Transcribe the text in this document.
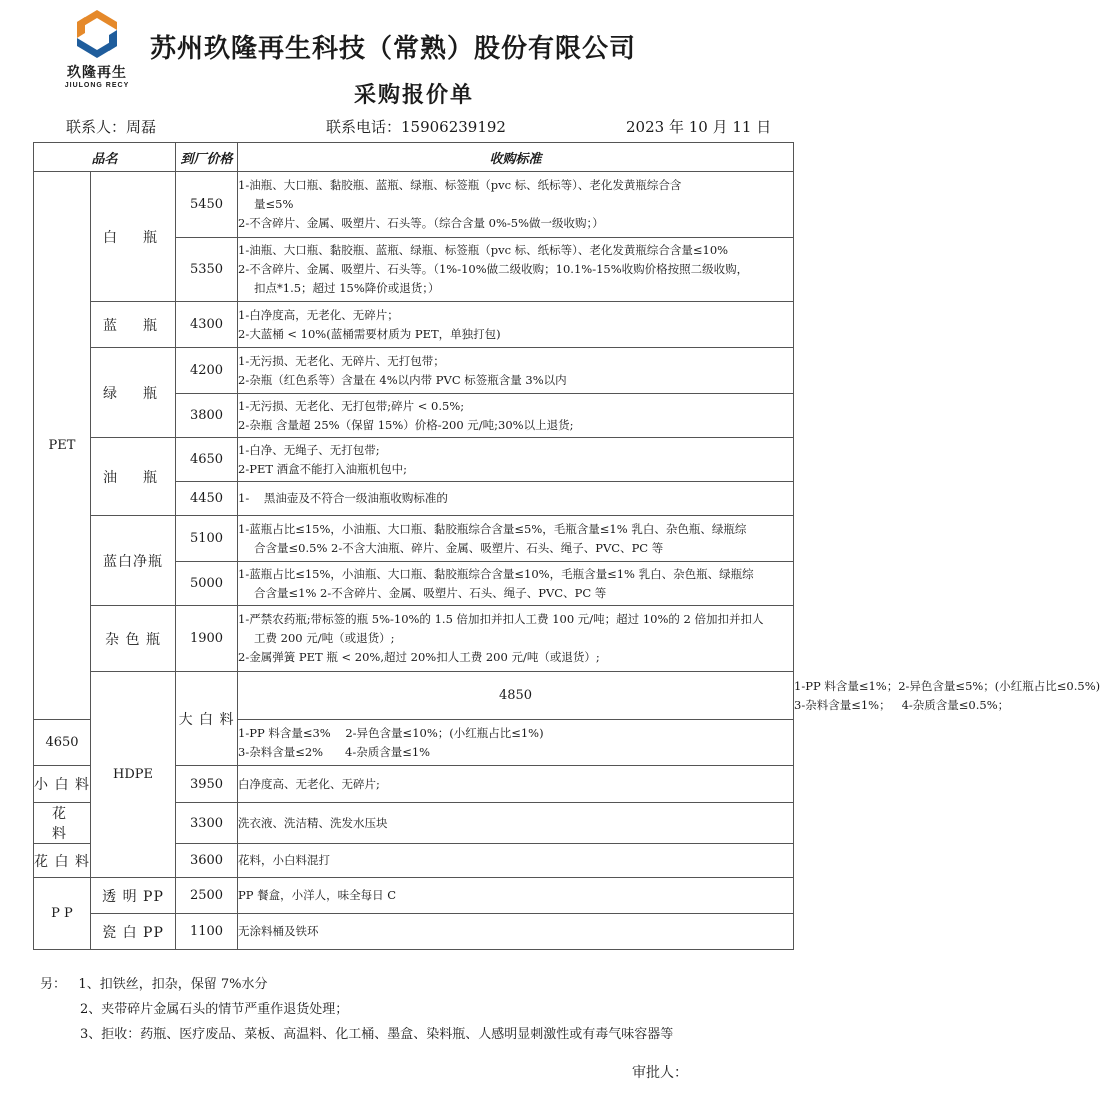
玖隆再生
JIULONG RECY
苏州玖隆再生科技（常熟）股份有限公司
采购报价单
联系人：周磊	联系电话：15906239192	2023 年 10 月 11 日
品名		到厂价格	收购标准	
PET	白　瓶	5450	1-油瓶、大口瓶、黏胶瓶、蓝瓶、绿瓶、标签瓶（pvc 标、纸标等）、老化发黄瓶综合含
量≤5%
2-不含碎片、金属、吸塑片、石头等。（综合含量 0%-5%做一级收购；）	

		5350	1-油瓶、大口瓶、黏胶瓶、蓝瓶、绿瓶、标签瓶（pvc 标、纸标等）、老化发黄瓶综合含量≤10%
2-不含碎片、金属、吸塑片、石头等。（1%-10%做二级收购；10.1%-15%收购价格按照二级收购，
扣点*1.5；超过 15%降价或退货；）	

	蓝　瓶	4300	1-白净度高，无老化、无碎片；
2-大蓝桶 < 10%(蓝桶需要材质为 PET，单独打包)	

	绿　瓶	4200	1-无污损、无老化、无碎片、无打包带；
2-杂瓶（红色系等）含量在 4%以内带 PVC 标签瓶含量 3%以内	

		3800	1-无污损、无老化、无打包带;碎片 < 0.5%;
2-杂瓶 含量超 25%（保留 15%）价格-200 元/吨;30%以上退货;	

	油　瓶	4650	1-白净、无绳子、无打包带;
2-PET 酒盒不能打入油瓶机包中;	

		4450	1-    黑油壶及不符合一级油瓶收购标准的	

	蓝白净瓶	5100	1-蓝瓶占比≤15%，小油瓶、大口瓶、黏胶瓶综合含量≤5%，毛瓶含量≤1% 乳白、杂色瓶、绿瓶综
合含量≤0.5% 2-不含大油瓶、碎片、金属、吸塑片、石头、绳子、PVC、PC 等	

		5000	1-蓝瓶占比≤15%，小油瓶、大口瓶、黏胶瓶综合含量≤10%，毛瓶含量≤1% 乳白、杂色瓶、绿瓶综
合含量≤1% 2-不含碎片、金属、吸塑片、石头、绳子、PVC、PC 等	

	杂 色 瓶	1900	1-严禁农药瓶;带标签的瓶 5%-10%的 1.5 倍加扣并扣人工费 100 元/吨；超过 10%的 2 倍加扣并扣人
工费 200 元/吨（或退货）;
2-金属弹簧 PET 瓶 < 20%,超过 20%扣人工费 200 元/吨（或退货）;	

	HDPE	大 白 料	4850	1-PP 料含量≤1%；2-异色含量≤5%；(小红瓶占比≤0.5%)
3-杂料含量≤1%；   4-杂质含量≤0.5%；

4650			1-PP 料含量≤3%    2-异色含量≤10%；(小红瓶占比≤1%)
3-杂料含量≤2%      4-杂质含量≤1%	

小 白 料		3950	白净度高、无老化、无碎片;	
花　料		3300	洗衣液、洗洁精、洗发水压块	
花 白 料		3600	花料，小白料混打	
P P	透 明 PP	2500	PP 餐盒，小洋人，味全每日 C	
	瓷 白 PP	1100	无涂料桶及铁环	
另： 1、扣铁丝，扣杂，保留 7%水分
2、夹带碎片金属石头的情节严重作退货处理；
3、拒收：药瓶、医疗废品、菜板、高温料、化工桶、墨盒、染料瓶、人感明显刺激性或有毒气味容器等
审批人：
